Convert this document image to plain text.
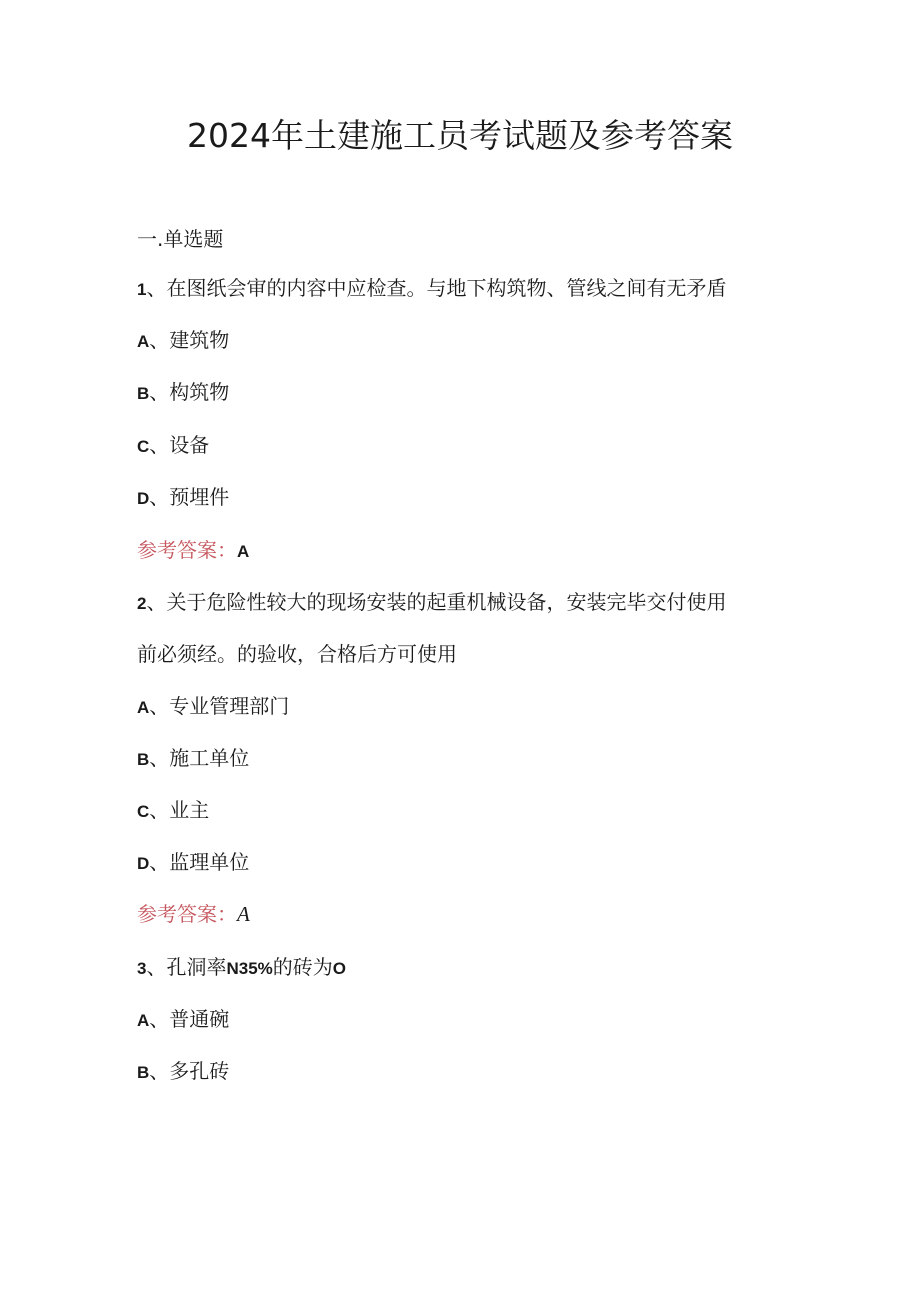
2024年土建施工员考试题及参考答案
一.单选题
1、在图纸会审的内容中应检查。与地下构筑物、管线之间有无矛盾
A、建筑物
B、构筑物
C、设备
D、预埋件
参考答案：A
2、关于危险性较大的现场安装的起重机械设备，安装完毕交付使用
前必须经。的验收，合格后方可使用
A、专业管理部门
B、施工单位
C、业主
D、监理单位
参考答案：A
3、孔洞率N35%的砖为O
A、普通碗
B、多孔砖
